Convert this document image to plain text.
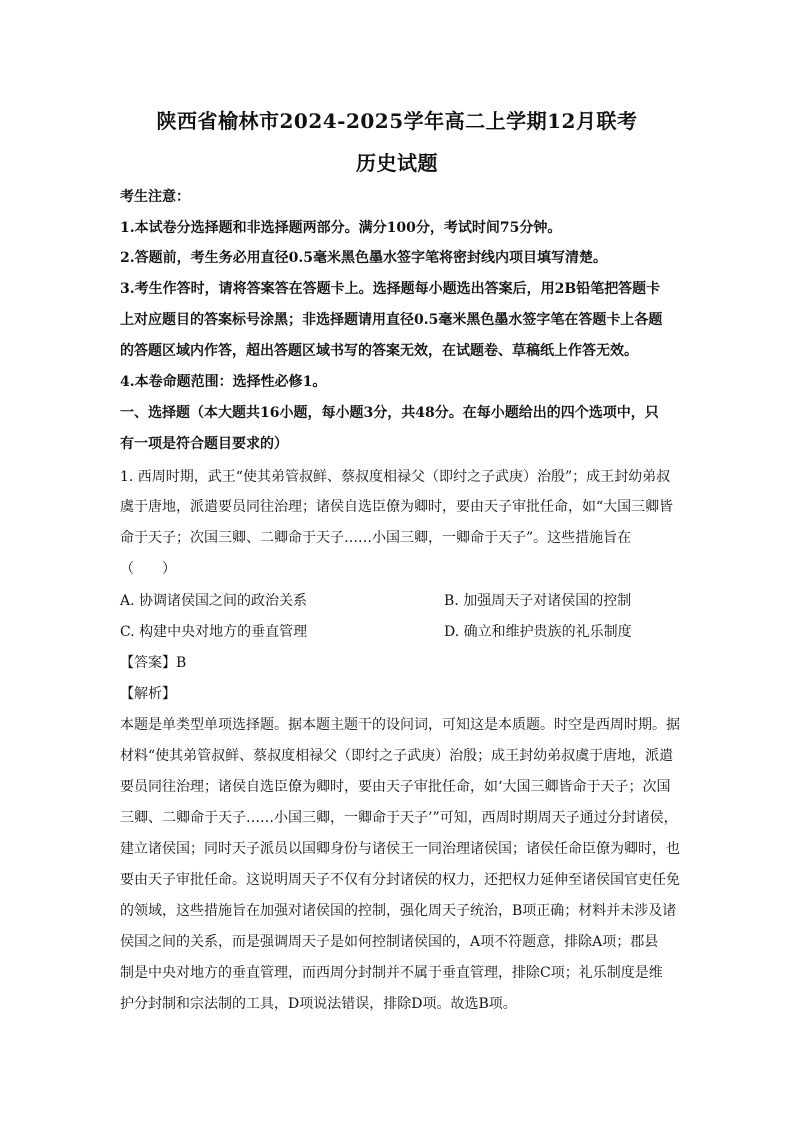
陕西省榆林市2024-2025学年高二上学期12月联考
历史试题
考生注意：
1.本试卷分选择题和非选择题两部分。满分100分，考试时间75分钟。
2.答题前，考生务必用直径0.5毫米黑色墨水签字笔将密封线内项目填写清楚。
3.考生作答时，请将答案答在答题卡上。选择题每小题选出答案后，用2B铅笔把答题卡
上对应题目的答案标号涂黑；非选择题请用直径0.5毫米黑色墨水签字笔在答题卡上各题
的答题区域内作答，超出答题区域书写的答案无效，在试题卷、草稿纸上作答无效。
4.本卷命题范围：选择性必修1。
一、选择题（本大题共16小题，每小题3分，共48分。在每小题给出的四个选项中，只
有一项是符合题目要求的）
1. 西周时期，武王“使其弟管叔鲜、蔡叔度相禄父（即纣之子武庚）治殷”；成王封幼弟叔
虞于唐地，派遣要员同往治理；诸侯自选臣僚为卿时，要由天子审批任命，如“大国三卿皆
命于天子；次国三卿、二卿命于天子……小国三卿，一卿命于天子”。这些措施旨在
（　　）
A. 协调诸侯国之间的政治关系	B. 加强周天子对诸侯国的控制
C. 构建中央对地方的垂直管理	D. 确立和维护贵族的礼乐制度
【答案】B
【解析】
本题是单类型单项选择题。据本题主题干的设问词，可知这是本质题。时空是西周时期。据
材料“使其弟管叔鲜、蔡叔度相禄父（即纣之子武庚）治殷；成王封幼弟叔虞于唐地，派遣
要员同往治理；诸侯自选臣僚为卿时，要由天子审批任命，如‘大国三卿皆命于天子；次国
三卿、二卿命于天子……小国三卿，一卿命于天子’”可知，西周时期周天子通过分封诸侯，
建立诸侯国；同时天子派员以国卿身份与诸侯王一同治理诸侯国；诸侯任命臣僚为卿时，也
要由天子审批任命。这说明周天子不仅有分封诸侯的权力，还把权力延伸至诸侯国官吏任免
的领域，这些措施旨在加强对诸侯国的控制，强化周天子统治，B项正确；材料并未涉及诸
侯国之间的关系，而是强调周天子是如何控制诸侯国的，A项不符题意，排除A项；郡县
制是中央对地方的垂直管理，而西周分封制并不属于垂直管理，排除C项；礼乐制度是维
护分封制和宗法制的工具，D项说法错误，排除D项。故选B项。
